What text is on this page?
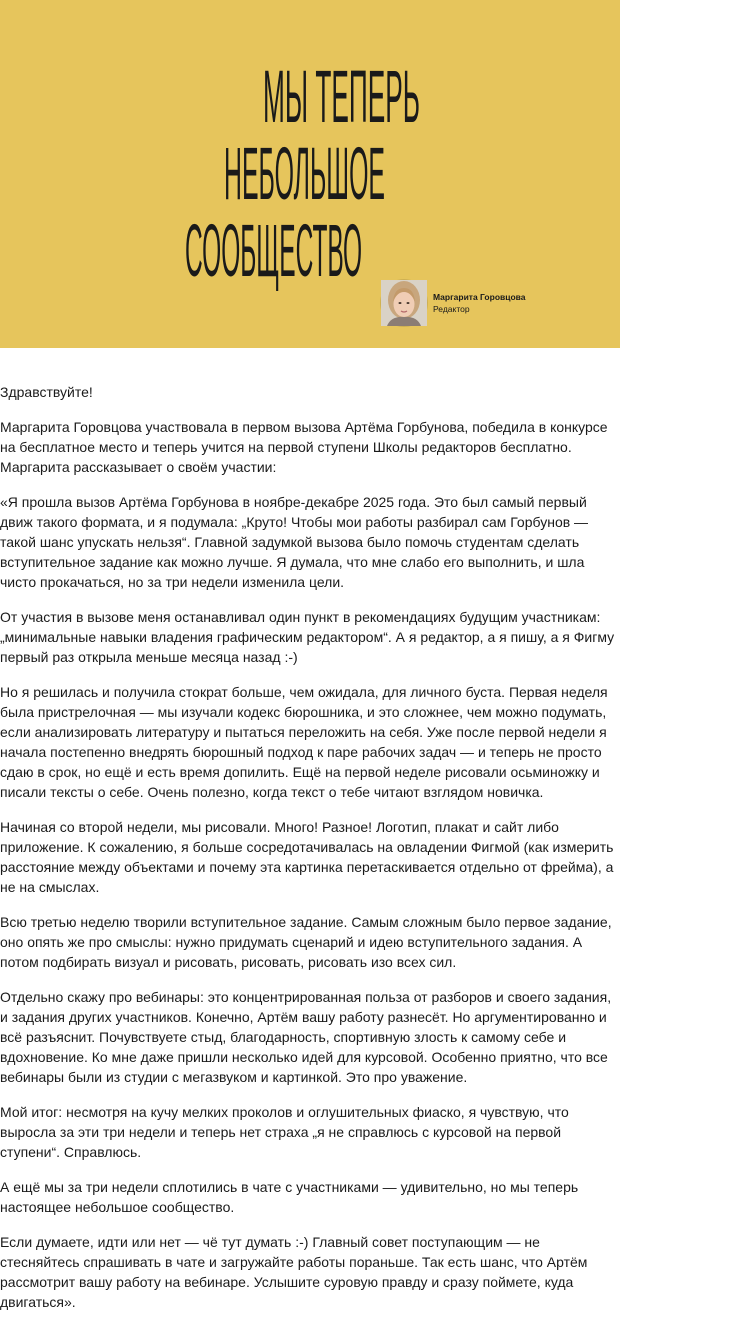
МЫ ТЕПЕРЬ
НЕБОЛЬШОЕ
СООБЩЕСТВО
Маргарита Горовцова
Редактор

Здравствуйте!

Маргарита Горовцова участвовала в первом вызова Артёма Горбунова, победила в конкурсе на бесплатное место и теперь учится на первой ступени Школы редакторов бесплатно. Маргарита рассказывает о своём участии:

«Я прошла вызов Артёма Горбунова в ноябре-декабре 2025 года. Это был самый первый движ такого формата, и я подумала: „Круто! Чтобы мои работы разбирал сам Горбунов — такой шанс упускать нельзя“. Главной задумкой вызова было помочь студентам сделать вступительное задание как можно лучше. Я думала, что мне слабо его выполнить, и шла чисто прокачаться, но за три недели изменила цели.

От участия в вызове меня останавливал один пункт в рекомендациях будущим участникам: „минимальные навыки владения графическим редактором“. А я редактор, а я пишу, а я Фигму первый раз открыла меньше месяца назад :-)

Но я решилась и получила стократ больше, чем ожидала, для личного буста. Первая неделя была пристрелочная — мы изучали кодекс бюрошника, и это сложнее, чем можно подумать, если анализировать литературу и пытаться переложить на себя. Уже после первой недели я начала постепенно внедрять бюрошный подход к паре рабочих задач — и теперь не просто сдаю в срок, но ещё и есть время допилить. Ещё на первой неделе рисовали осьминожку и писали тексты о себе. Очень полезно, когда текст о тебе читают взглядом новичка.

Начиная со второй недели, мы рисовали. Много! Разное! Логотип, плакат и сайт либо приложение. К сожалению, я больше сосредотачивалась на овладении Фигмой (как измерить расстояние между объектами и почему эта картинка перетаскивается отдельно от фрейма), а не на смыслах.

Всю третью неделю творили вступительное задание. Самым сложным было первое задание, оно опять же про смыслы: нужно придумать сценарий и идею вступительного задания. А потом подбирать визуал и рисовать, рисовать, рисовать изо всех сил.

Отдельно скажу про вебинары: это концентрированная польза от разборов и своего задания, и задания других участников. Конечно, Артём вашу работу разнесёт. Но аргументированно и всё разъяснит. Почувствуете стыд, благодарность, спортивную злость к самому себе и вдохновение. Ко мне даже пришли несколько идей для курсовой. Особенно приятно, что все вебинары были из студии с мегазвуком и картинкой. Это про уважение.

Мой итог: несмотря на кучу мелких проколов и оглушительных фиаско, я чувствую, что выросла за эти три недели и теперь нет страха „я не справлюсь с курсовой на первой ступени“. Справлюсь.

А ещё мы за три недели сплотились в чате с участниками — удивительно, но мы теперь настоящее небольшое сообщество.

Если думаете, идти или нет — чё тут думать :-) Главный совет поступающим — не стесняйтесь спрашивать в чате и загружайте работы пораньше. Так есть шанс, что Артём рассмотрит вашу работу на вебинаре. Услышите суровую правду и сразу поймете, куда двигаться».
